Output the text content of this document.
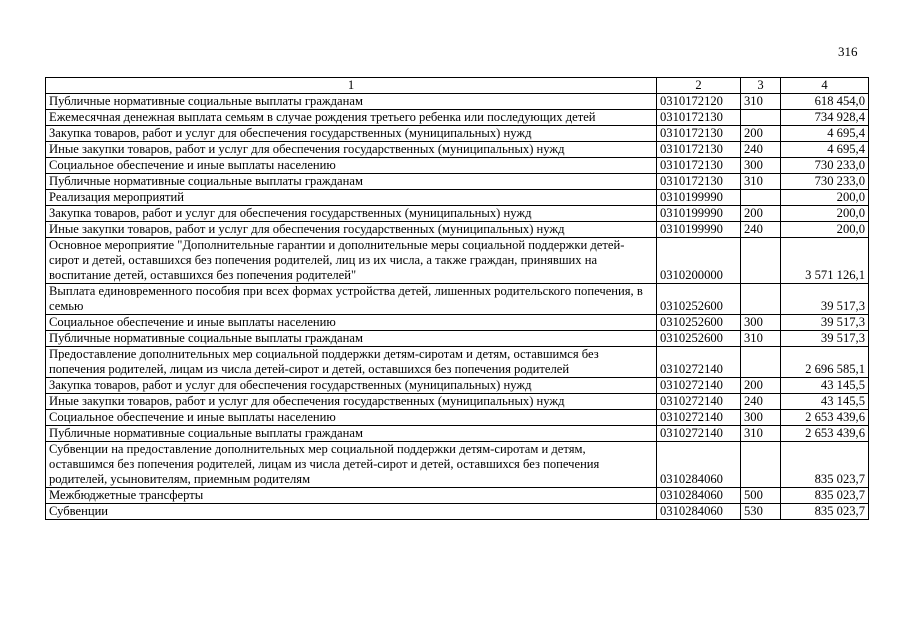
316
1	2	3	4
Публичные нормативные социальные выплаты гражданам	0310172120	310	618 454,0
Ежемесячная денежная выплата семьям в случае рождения третьего ребенка или последующих детей	0310172130		734 928,4
Закупка товаров, работ и услуг для обеспечения государственных (муниципальных) нужд	0310172130	200	4 695,4
Иные закупки товаров, работ и услуг для обеспечения государственных (муниципальных) нужд	0310172130	240	4 695,4
Социальное обеспечение и иные выплаты населению	0310172130	300	730 233,0
Публичные нормативные социальные выплаты гражданам	0310172130	310	730 233,0
Реализация мероприятий	0310199990		200,0
Закупка товаров, работ и услуг для обеспечения государственных (муниципальных) нужд	0310199990	200	200,0
Иные закупки товаров, работ и услуг для обеспечения государственных (муниципальных) нужд	0310199990	240	200,0
Основное мероприятие "Дополнительные гарантии и дополнительные меры социальной поддержки детей-сирот и детей, оставшихся без попечения родителей, лиц из их числа, а также граждан, принявших на воспитание детей, оставшихся без попечения родителей"	0310200000		3 571 126,1
Выплата единовременного пособия при всех формах устройства детей, лишенных родительского попечения, в семью	0310252600		39 517,3
Социальное обеспечение и иные выплаты населению	0310252600	300	39 517,3
Публичные нормативные социальные выплаты гражданам	0310252600	310	39 517,3
Предоставление дополнительных мер социальной поддержки детям-сиротам и детям, оставшимся без попечения родителей, лицам из числа детей-сирот и детей, оставшихся без попечения родителей	0310272140		2 696 585,1
Закупка товаров, работ и услуг для обеспечения государственных (муниципальных) нужд	0310272140	200	43 145,5
Иные закупки товаров, работ и услуг для обеспечения государственных (муниципальных) нужд	0310272140	240	43 145,5
Социальное обеспечение и иные выплаты населению	0310272140	300	2 653 439,6
Публичные нормативные социальные выплаты гражданам	0310272140	310	2 653 439,6
Субвенции на предоставление дополнительных мер социальной поддержки детям-сиротам и детям, оставшимся без попечения родителей, лицам из числа детей-сирот и детей, оставшихся без попечения родителей, усыновителям, приемным родителям	0310284060		835 023,7
Межбюджетные трансферты	0310284060	500	835 023,7
Субвенции	0310284060	530	835 023,7
